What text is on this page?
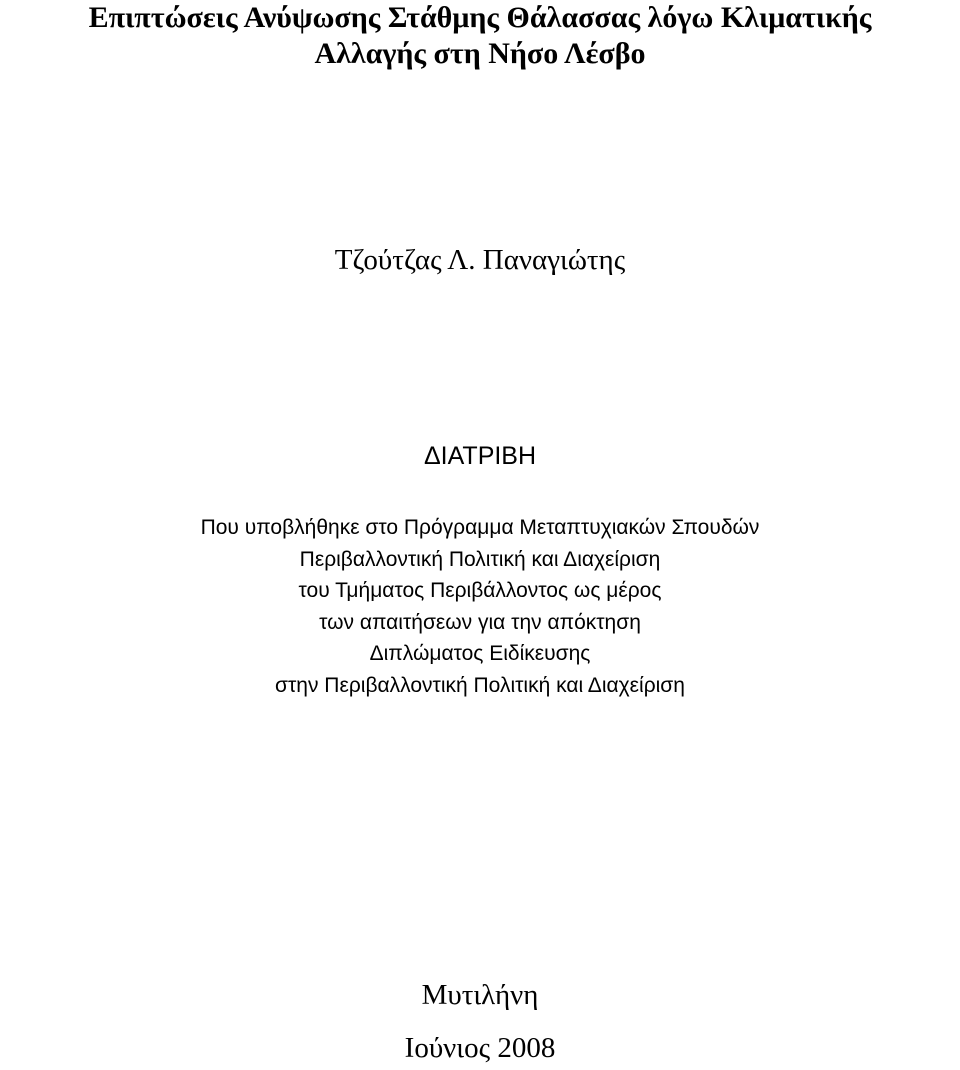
Επιπτώσεις Ανύψωσης Στάθμης Θάλασσας λόγω Κλιματικής
Αλλαγής στη Νήσο Λέσβο
Τζούτζας Λ. Παναγιώτης
ΔΙΑΤΡΙΒΗ
Που υποβλήθηκε στο Πρόγραμμα Μεταπτυχιακών Σπουδών
Περιβαλλοντική Πολιτική και Διαχείριση
του Τμήματος Περιβάλλοντος ως μέρος
των απαιτήσεων για την απόκτηση
Διπλώματος Ειδίκευσης
στην Περιβαλλοντική Πολιτική και Διαχείριση
Μυτιλήνη
Ιούνιος 2008
